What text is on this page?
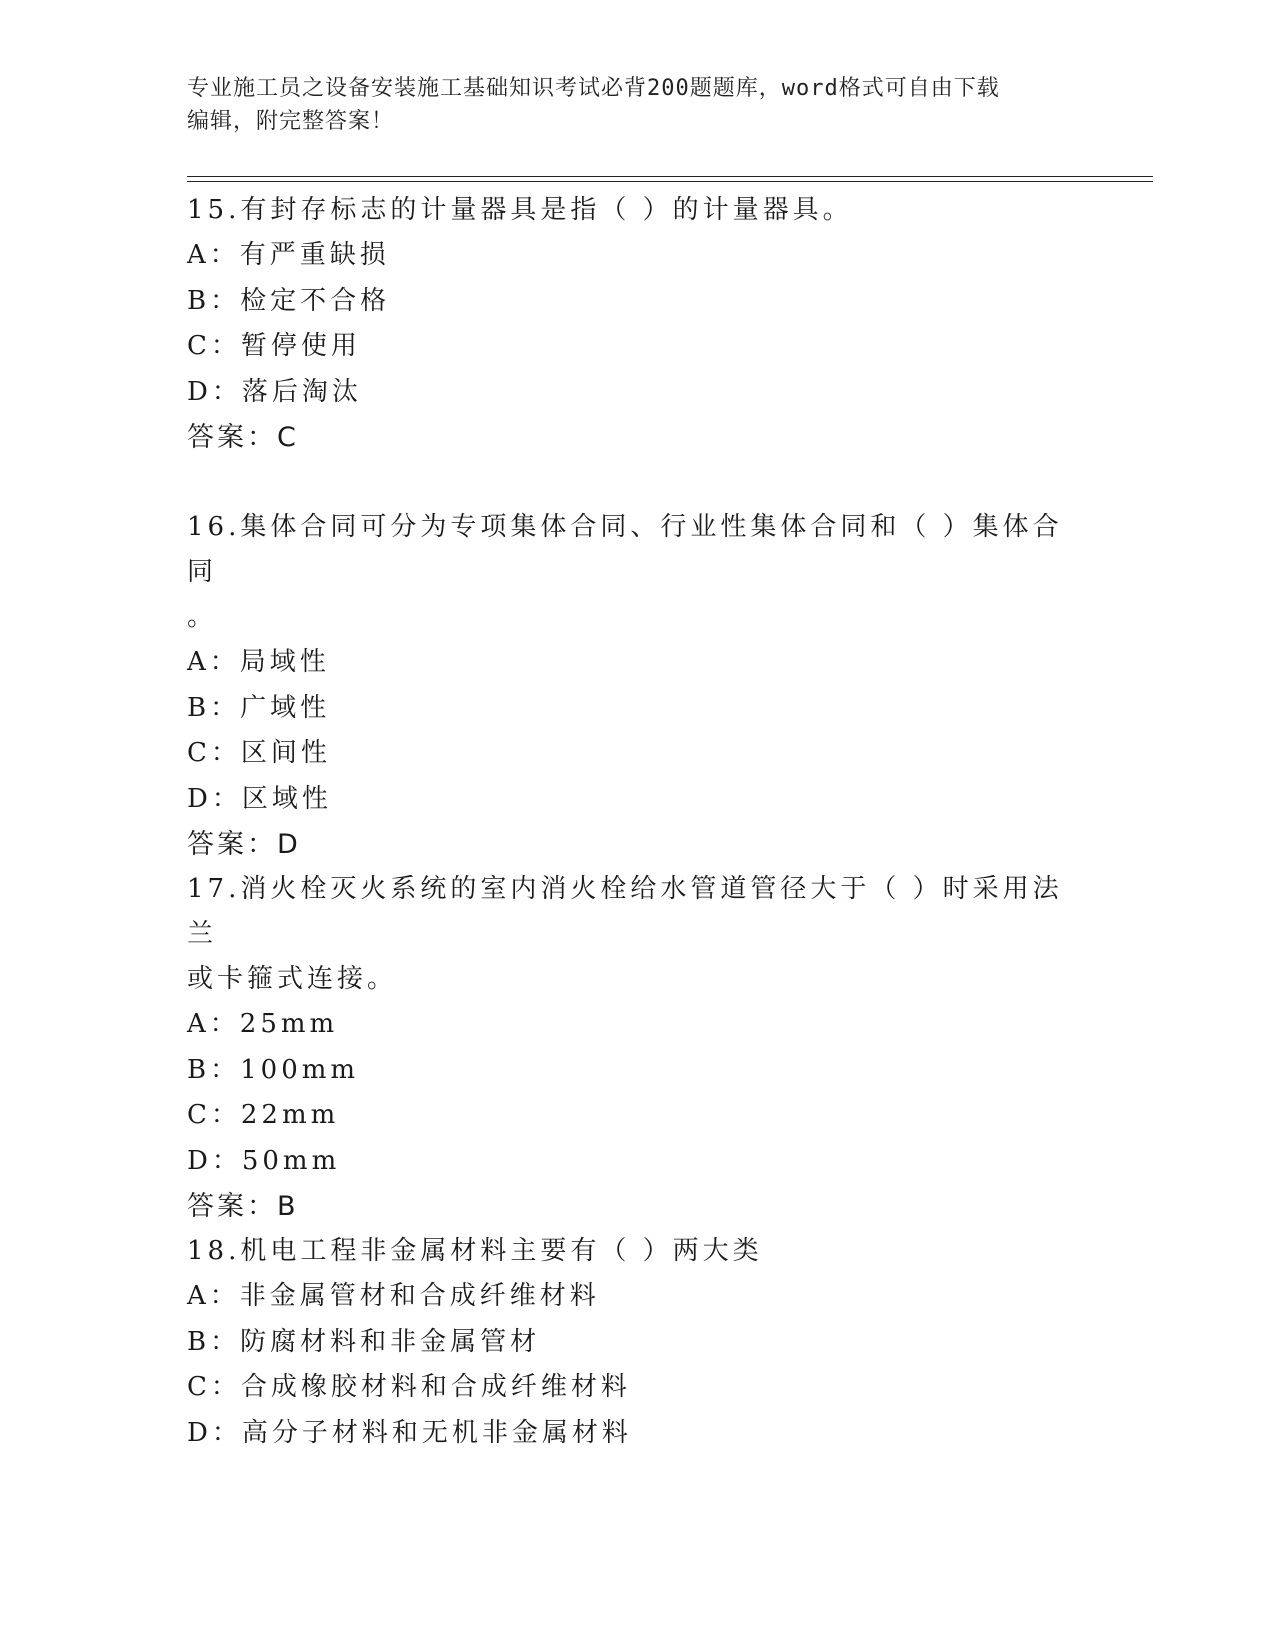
专业施工员之设备安装施工基础知识考试必背200题题库，word格式可自由下载
编辑，附完整答案！

15.有封存标志的计量器具是指（ ）的计量器具。

A：有严重缺损

B：检定不合格

C：暂停使用

D：落后淘汰

答案：C

16.集体合同可分为专项集体合同、行业性集体合同和（ ）集体合同

。

A：局域性

B：广域性

C：区间性

D：区域性

答案：D

17.消火栓灭火系统的室内消火栓给水管道管径大于（ ）时采用法兰

或卡箍式连接。

A：25mm

B：100mm

C：22mm

D：50mm

答案：B

18.机电工程非金属材料主要有（ ）两大类

A：非金属管材和合成纤维材料

B：防腐材料和非金属管材

C：合成橡胶材料和合成纤维材料

D：高分子材料和无机非金属材料
